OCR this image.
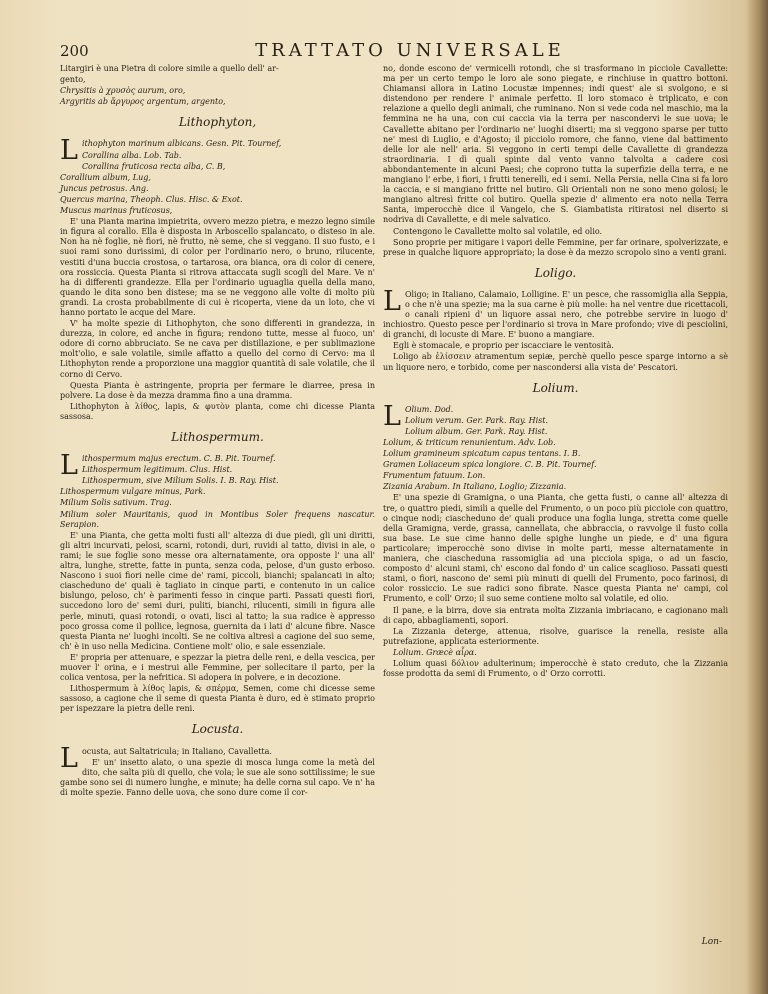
200	TRATTATO UNIVERSALE

Litargiri è una Pietra di colore simile a quello dell' ar-

gento,

Chrysitis à χρυσὸς aurum, oro,

Argyritis ab ἄργυρος argentum, argento,

Lithophyton,
L ithophyton marinum albicans. Gesn. Pit. Tournef,

Corallina alba. Lob. Tab.

Corallina fruticosa recta alba, C. B,

Corallium album, Lug,

Juncus petrosus. Ang.

Quercus marina, Theoph. Clus. Hisc. & Exot.

Muscus marinus fruticosus,

E' una Pianta marina impietrita, ovvero mezzo pietra, e mezzo legno simile in figura al corallo. Ella è disposta in Arboscello spalancato, o disteso in ale. Non ha nè foglie, nè fiori, nè frutto, nè seme, che si veggano. Il suo fusto, e i suoi rami sono durissimi, di color per l'ordinario nero, o bruno, rilucente, vestiti d'una buccia crostosa, o tartarosa, ora bianca, ora di color di cenere, ora rossiccia. Questa Pianta si ritrova attaccata sugli scogli del Mare. Ve n' ha di differenti grandezze. Ella per l'ordinario uguaglia quella della mano, quando le dita sono ben distese; ma se ne veggono alle volte di molto più grandi. La crosta probabilmente di cui è ricoperta, viene da un loto, che vi hanno portato le acque del Mare.

V' ha molte spezie di Lithophyton, che sono differenti in grandezza, in durezza, in colore, ed anche in figura; rendono tutte, messe al fuoco, un' odore di corno abbruciato. Se ne cava per distillazione, e per sublimazione molt'olio, e sale volatile, simile affatto a quello del corno di Cervo: ma il Lithophyton rende a proporzione una maggior quantità di sale volatile, che il corno di Cervo.

Questa Pianta è astringente, propria per fermare le diarree, presa in polvere. La dose è da mezza dramma fino a una dramma.

Lithophyton à λίθος, lapis, & φυτὸν planta, come chi dicesse Pianta sassosa.

Lithospermum.
L ithospermum majus erectum. C. B. Pit. Tournef.

Lithospermum legitimum. Clus. Hist.

Lithospermum, sive Milium Solis. I. B. Ray. Hist.

Lithospermum vulgare minus, Park.

Milium Solis sativum. Trag.

Milium soler Mauritanis, quod in Montibus Soler frequens nascatur. Serapion.

E' una Pianta, che getta molti fusti all' altezza di due piedi, gli uni diritti, gli altri incurvati, pelosi, scarni, rotondi, duri, ruvidi al tatto, divisi in ale, o rami; le sue foglie sono messe ora alternatamente, ora opposte l' una all' altra, lunghe, strette, fatte in punta, senza coda, pelose, d'un gusto erboso. Nascono i suoi fiori nelle cime de' rami, piccoli, bianchi; spalancati in alto; ciascheduno de' quali è tagliato in cinque parti, e contenuto in un calice bislungo, peloso, ch' è parimenti fesso in cinque parti. Passati questi fiori, succedono loro de' semi duri, puliti, bianchi, rilucenti, simili in figura alle perle, minuti, quasi rotondi, o ovati, lisci al tatto; la sua radice è appresso poco grossa come il pollice, legnosa, guernita da i lati d' alcune fibre. Nasce questa Pianta ne' luoghi incolti. Se ne coltiva altresì a cagione del suo seme, ch' è in uso nella Medicina. Contiene molt' olio, e sale essenziale.

E' propria per attenuare, e spezzar la pietra delle reni, e della vescica, per muover l' orina, e i mestrui alle Femmine, per sollecitare il parto, per la colica ventosa, per la nefritica. Si adopera in polvere, e in decozione.

Lithospermum à λίθος lapis, & σπέρμα, Semen, come chi dicesse seme sassoso, a cagione che il seme di questa Pianta è duro, ed è stimato proprio per ispezzare la pietra delle reni.

Locusta.
L ocusta, aut Saltatricula; in Italiano, Cavalletta.

E' un' insetto alato, o una spezie di mosca lunga come la metà del dito, che salta più di quello, che vola; le sue ale sono sottilissime; le sue gambe sono sei di numero lunghe, e minute; ha delle corna sul capo. Ve n' ha di molte spezie. Fanno delle uova, che sono dure come il cor-

no, donde escono de' vermicelli rotondi, che si trasformano in picciole Cavallette: ma per un certo tempo le loro ale sono piegate, e rinchiuse in quattro bottoni. Chiamansi allora in Latino Locustæ impennes; indi quest' ale si svolgono, e si distendono per rendere l' animale perfetto. Il loro stomaco è triplicato, e con relazione a quello degli animali, che ruminano. Non si vede coda nel maschio, ma la femmina ne ha una, con cui caccia via la terra per nascondervi le sue uova; le Cavallette abitano per l'ordinario ne' luoghi diserti; ma si veggono sparse per tutto ne' mesi di Luglio, e d'Agosto; il picciolo romore, che fanno, viene dal battimento delle lor ale nell' aria. Si veggono in certi tempi delle Cavallette di grandezza straordinaria. I dì quali spinte dal vento vanno talvolta a cadere così abbondantemente in alcuni Paesi; che coprono tutta la superfizie della terra, e ne mangiano l' erbe, i fiori, i frutti tenerelli, ed i semi. Nella Persia, nella Cina si fa loro la caccia, e si mangiano fritte nel butiro. Gli Orientali non ne sono meno golosi; le mangiano altresì fritte col butiro. Quella spezie d' alimento era noto nella Terra Santa, imperocchè dice il Vangelo, che S. Giambatista ritiratosi nel diserto si nodriva di Cavallette, e di mele salvatico.

Contengono le Cavallette molto sal volatile, ed olio.

Sono proprie per mitigare i vapori delle Femmine, per far orinare, spolverizzate, e prese in qualche liquore appropriato; la dose è da mezzo scropolo sino a venti grani.

Loligo.
L Oligo; in Italiano, Calamaio, Lolligine. E' un pesce, che rassomiglia alla Seppia, o che n'è una spezie; ma la sua carne è più molle: ha nel ventre due ricettacoli, o canali ripieni d' un liquore assai nero, che potrebbe servire in luogo d' inchiostro. Questo pesce per l'ordinario si trova in Mare profondo; vive di pesciolini, di granchi, di locuste di Mare. E' buono a mangiare.

Egli è stomacale, e proprio per iscacciare le ventosità.

Loligo ab ἐλίσσειν atramentum sepiæ, perchè quello pesce sparge intorno a sè un liquore nero, e torbido, come per nascondersi alla vista de' Pescatori.

Lolium.
L Olium. Dod.

Lolium verum. Ger. Park. Ray. Hist.

Lolium album. Ger. Park. Ray. Hist.

Lolium, & triticum renunientum. Adv. Lob.

Lolium gramineum spicatum capus tentans. I. B.

Gramen Loliaceum spica longiore. C. B. Pit. Tournef.

Frumentum fatuum. Lon.

Zizania Arabum. In Italiano, Loglio; Zizzania.

E' una spezie di Gramigna, o una Pianta, che getta fusti, o canne all' altezza di tre, o quattro piedi, simili a quelle del Frumento, o un poco più picciole con quattro, o cinque nodi; ciascheduno de' quali produce una foglia lunga, stretta come quelle della Gramigna, verde, grassa, cannellata, che abbraccia, o ravvolge il fusto colla sua base. Le sue cime hanno delle spighe lunghe un piede, e d' una figura particolare; imperocchè sono divise in molte parti, messe alternatamente in maniera, che ciascheduna rassomiglia ad una picciola spiga, o ad un fascio, composto d' alcuni stami, ch' escono dal fondo d' un calice scaglioso. Passati questi stami, o fiori, nascono de' semi più minuti di quelli del Frumento, poco farinosi, di color rossiccio. Le sue radici sono fibrate. Nasce questa Pianta ne' campi, col Frumento, e coll' Orzo; il suo seme contiene molto sal volatile, ed olio.

Il pane, e la birra, dove sia entrata molta Zizzania imbriacano, e cagionano mali di capo, abbagliamenti, sopori.

La Zizzania deterge, attenua, risolve, guarisce la renella, resiste alla putrefazione, applicata esteriormente.

Lolium. Græcè αἶρα.

Lolium quasi δόλιον adulterinum; imperocchè è stato creduto, che la Zizzania fosse prodotta da semi di Frumento, o d' Orzo corrotti.

Lon-
